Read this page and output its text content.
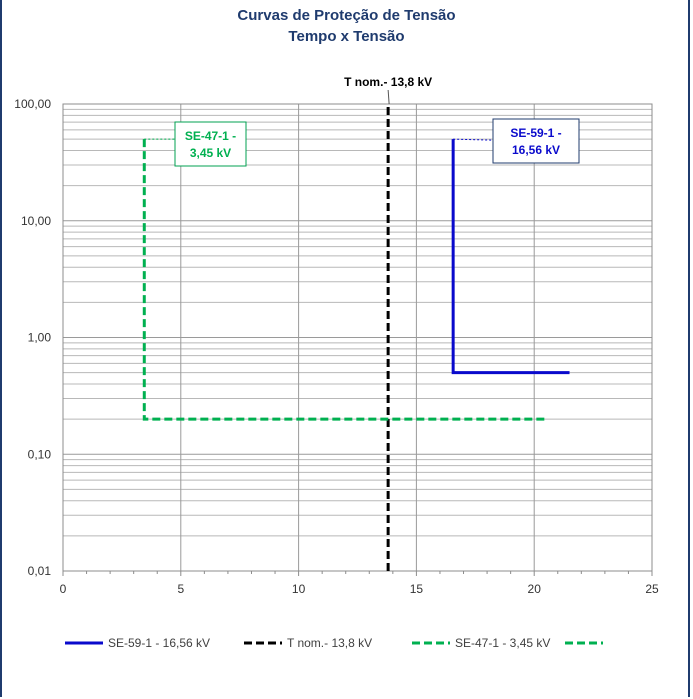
Curvas de Proteção de Tensão
Tempo x Tensão
0	5	10	15	20	25
0,01
0,10
1,00
10,00
100,00
T nom.- 13,8 kV
SE-59-1 -
16,56 kV
SE-47-1 -
3,45 kV
SE-59-1 - 16,56 kV	T nom.- 13,8 kV	SE-47-1 - 3,45 kV
